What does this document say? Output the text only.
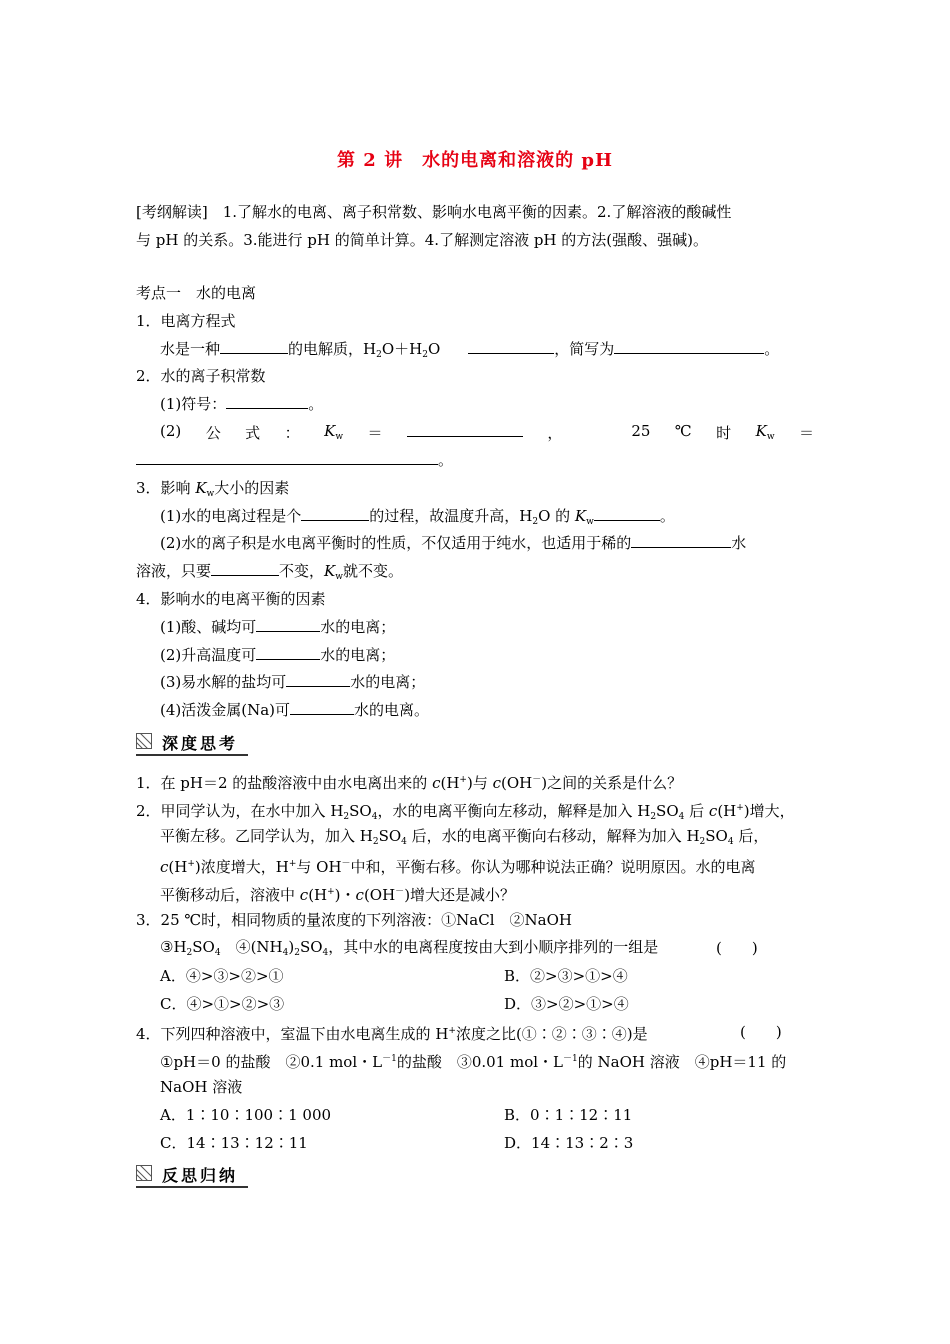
第 2 讲　水的电离和溶液的 pH
[考纲解读]　1.了解水的电离、离子积常数、影响水电离平衡的因素。2.了解溶液的酸碱性
与 pH 的关系。3.能进行 pH 的简单计算。4.了解测定溶液 pH 的方法(强酸、强碱)。
考点一　水的电离
1．电离方程式
水是一种	的电解质，$H_2O+H_2O$	，简写为	。
2．水的离子积常数
(1)符号：	。
(2) 公 式 ： $K_w$ ＝	，	25 ℃ 时 $K_w$ ＝
。
3．影响 $K_w$大小的因素
(1)水的电离过程是个	的过程，故温度升高，$H_2O$ 的 $K_w$	。
(2)水的离子积是水电离平衡时的性质，不仅适用于纯水，也适用于稀的	水
溶液，只要	不变，$K_w$就不变。
4．影响水的电离平衡的因素
(1)酸、碱均可	水的电离；
(2)升高温度可	水的电离；
(3)易水解的盐均可	水的电离；
(4)活泼金属(Na)可	水的电离。
深度思考
1．在 pH＝2 的盐酸溶液中由水电离出来的 c(H+)与 c(OH－)之间的关系是什么？
2．甲同学认为，在水中加入 $H_2SO_4$，水的电离平衡向左移动，解释是加入 $H_2SO_4$ 后 c(H+)增大，
平衡左移。乙同学认为，加入 $H_2SO_4$ 后，水的电离平衡向右移动，解释为加入 $H_2SO_4$ 后，
c(H+)浓度增大，H+与 OH－中和，平衡右移。你认为哪种说法正确？说明原因。水的电离
平衡移动后，溶液中 c(H+)・c(OH－)增大还是减小？
3．25 ℃时，相同物质的量浓度的下列溶液：①NaCl　②NaOH
$③H_2SO_4$　$④(NH_4)_2SO_4$，其中水的电离程度按由大到小顺序排列的一组是	(　　)
A．④>③>②>①	B．②>③>①>④
C．④>①>②>③	D．③>②>①>④
4．下列四种溶液中，室温下由水电离生成的 H+浓度之比(①∶②∶③∶④)是	(　　)
①pH＝0 的盐酸　②0.1 mol・$L^{-1}$的盐酸　③0.01 mol・$L^{-1}$的 NaOH 溶液　④pH＝11 的
NaOH 溶液
A．1∶10∶100∶1 000	B．0∶1∶12∶11
C．14∶13∶12∶11	D．14∶13∶2∶3
反思归纳
